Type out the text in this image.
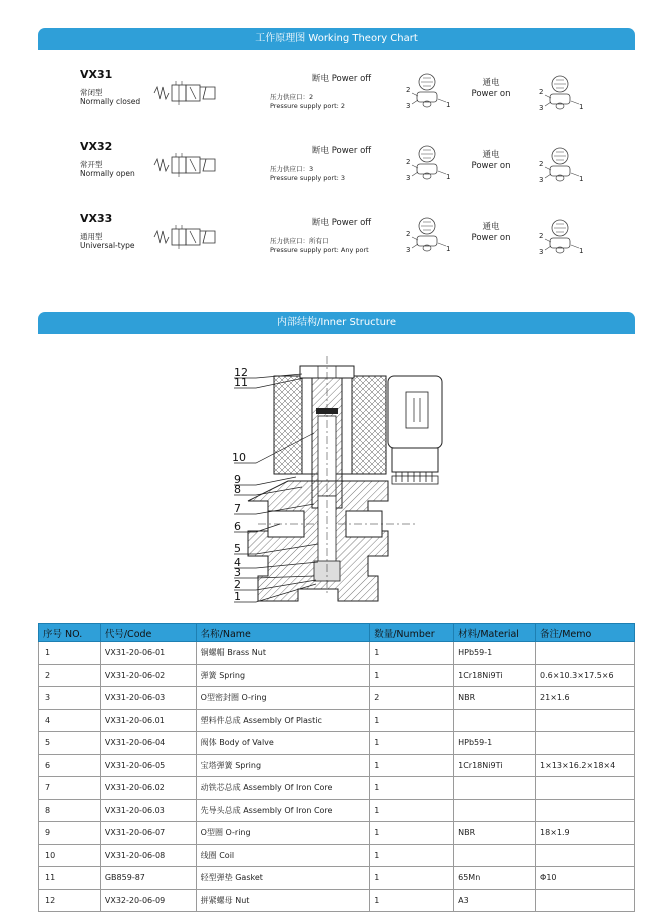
工作原理图 Working Theory Chart
VX31
常闭型
Normally closed
断电 Power off
压力供应口：2
Pressure supply port: 2
2
1
3
通电
Power on	2
1
3
VX32
常开型
Normally open
断电 Power off
压力供应口：3
Pressure supply port: 3
2
1
3
通电
Power on	2
1
3
VX33
通用型
Universal-type
断电 Power off
压力供应口：所有口
Pressure supply port: Any port
2
1
3
通电
Power on	2
1
3
内部结构/Inner Structure
12
11
10
9
8
7
6
5
4
3
2
1
序号 NO.	代号/Code	名称/Name	数量/Number	材料/Material	备注/Memo
1	VX31-20-06-01	铜螺帽 Brass Nut	1	HPb59-1	
2	VX31-20-06-02	弹簧 Spring	1	1Cr18Ni9Ti	0.6×10.3×17.5×6
3	VX31-20-06-03	O型密封圈 O-ring	2	NBR	21×1.6
4	VX31-20-06.01	塑料件总成 Assembly Of Plastic	1		
5	VX31-20-06-04	阀体 Body of Valve	1	HPb59-1	
6	VX31-20-06-05	宝塔弹簧 Spring	1	1Cr18Ni9Ti	1×13×16.2×18×4
7	VX31-20-06.02	动铁芯总成 Assembly Of Iron Core	1		
8	VX31-20-06.03	先导头总成 Assembly Of Iron Core	1		
9	VX31-20-06-07	O型圈 O-ring	1	NBR	18×1.9
10	VX31-20-06-08	线圈 Coil	1		
11	GB859-87	轻型弹垫 Gasket	1	65Mn	Φ10
12	VX32-20-06-09	拼紧螺母 Nut	1	A3	
